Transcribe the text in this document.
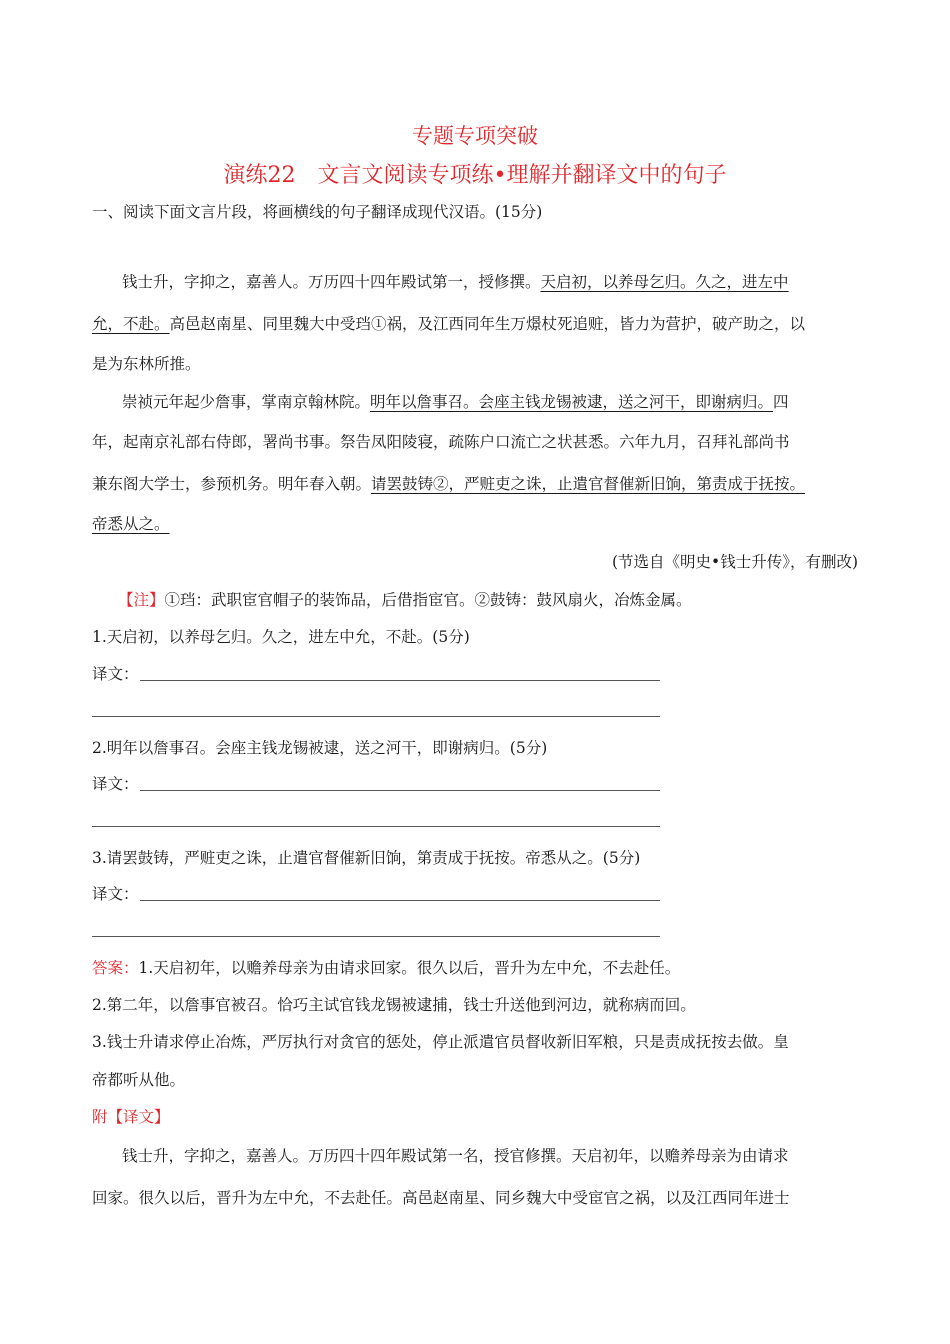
专题专项突破
演练22　文言文阅读专项练•理解并翻译文中的句子
一、阅读下面文言片段，将画横线的句子翻译成现代汉语。(15分)
钱士升，字抑之，嘉善人。万历四十四年殿试第一，授修撰。天启初，以养母乞归。久之，进左中
允，不赴。高邑赵南星、同里魏大中受珰①祸，及江西同年生万燝杖死追赃，皆力为营护，破产助之，以
是为东林所推。
崇祯元年起少詹事，掌南京翰林院。明年以詹事召。会座主钱龙锡被逮，送之河干，即谢病归。四
年，起南京礼部右侍郎，署尚书事。祭告凤阳陵寝，疏陈户口流亡之状甚悉。六年九月，召拜礼部尚书
兼东阁大学士，参预机务。明年春入朝。请罢鼓铸②，严赃吏之诛，止遣官督催新旧饷，第责成于抚按。
帝悉从之。
(节选自《明史•钱士升传》，有删改)
【注】①珰：武职宦官帽子的装饰品，后借指宦官。②鼓铸：鼓风扇火，冶炼金属。
1.天启初，以养母乞归。久之，进左中允，不赴。(5分)
译文：
2.明年以詹事召。会座主钱龙锡被逮，送之河干，即谢病归。(5分)
译文：
3.请罢鼓铸，严赃吏之诛，止遣官督催新旧饷，第责成于抚按。帝悉从之。(5分)
译文：
答案：1.天启初年，以赡养母亲为由请求回家。很久以后，晋升为左中允，不去赴任。
2.第二年，以詹事官被召。恰巧主试官钱龙锡被逮捕，钱士升送他到河边，就称病而回。
3.钱士升请求停止冶炼，严厉执行对贪官的惩处，停止派遣官员督收新旧军粮，只是责成抚按去做。皇
帝都听从他。
附【译文】
钱士升，字抑之，嘉善人。万历四十四年殿试第一名，授官修撰。天启初年，以赡养母亲为由请求
回家。很久以后，晋升为左中允，不去赴任。高邑赵南星、同乡魏大中受宦官之祸，以及江西同年进士
